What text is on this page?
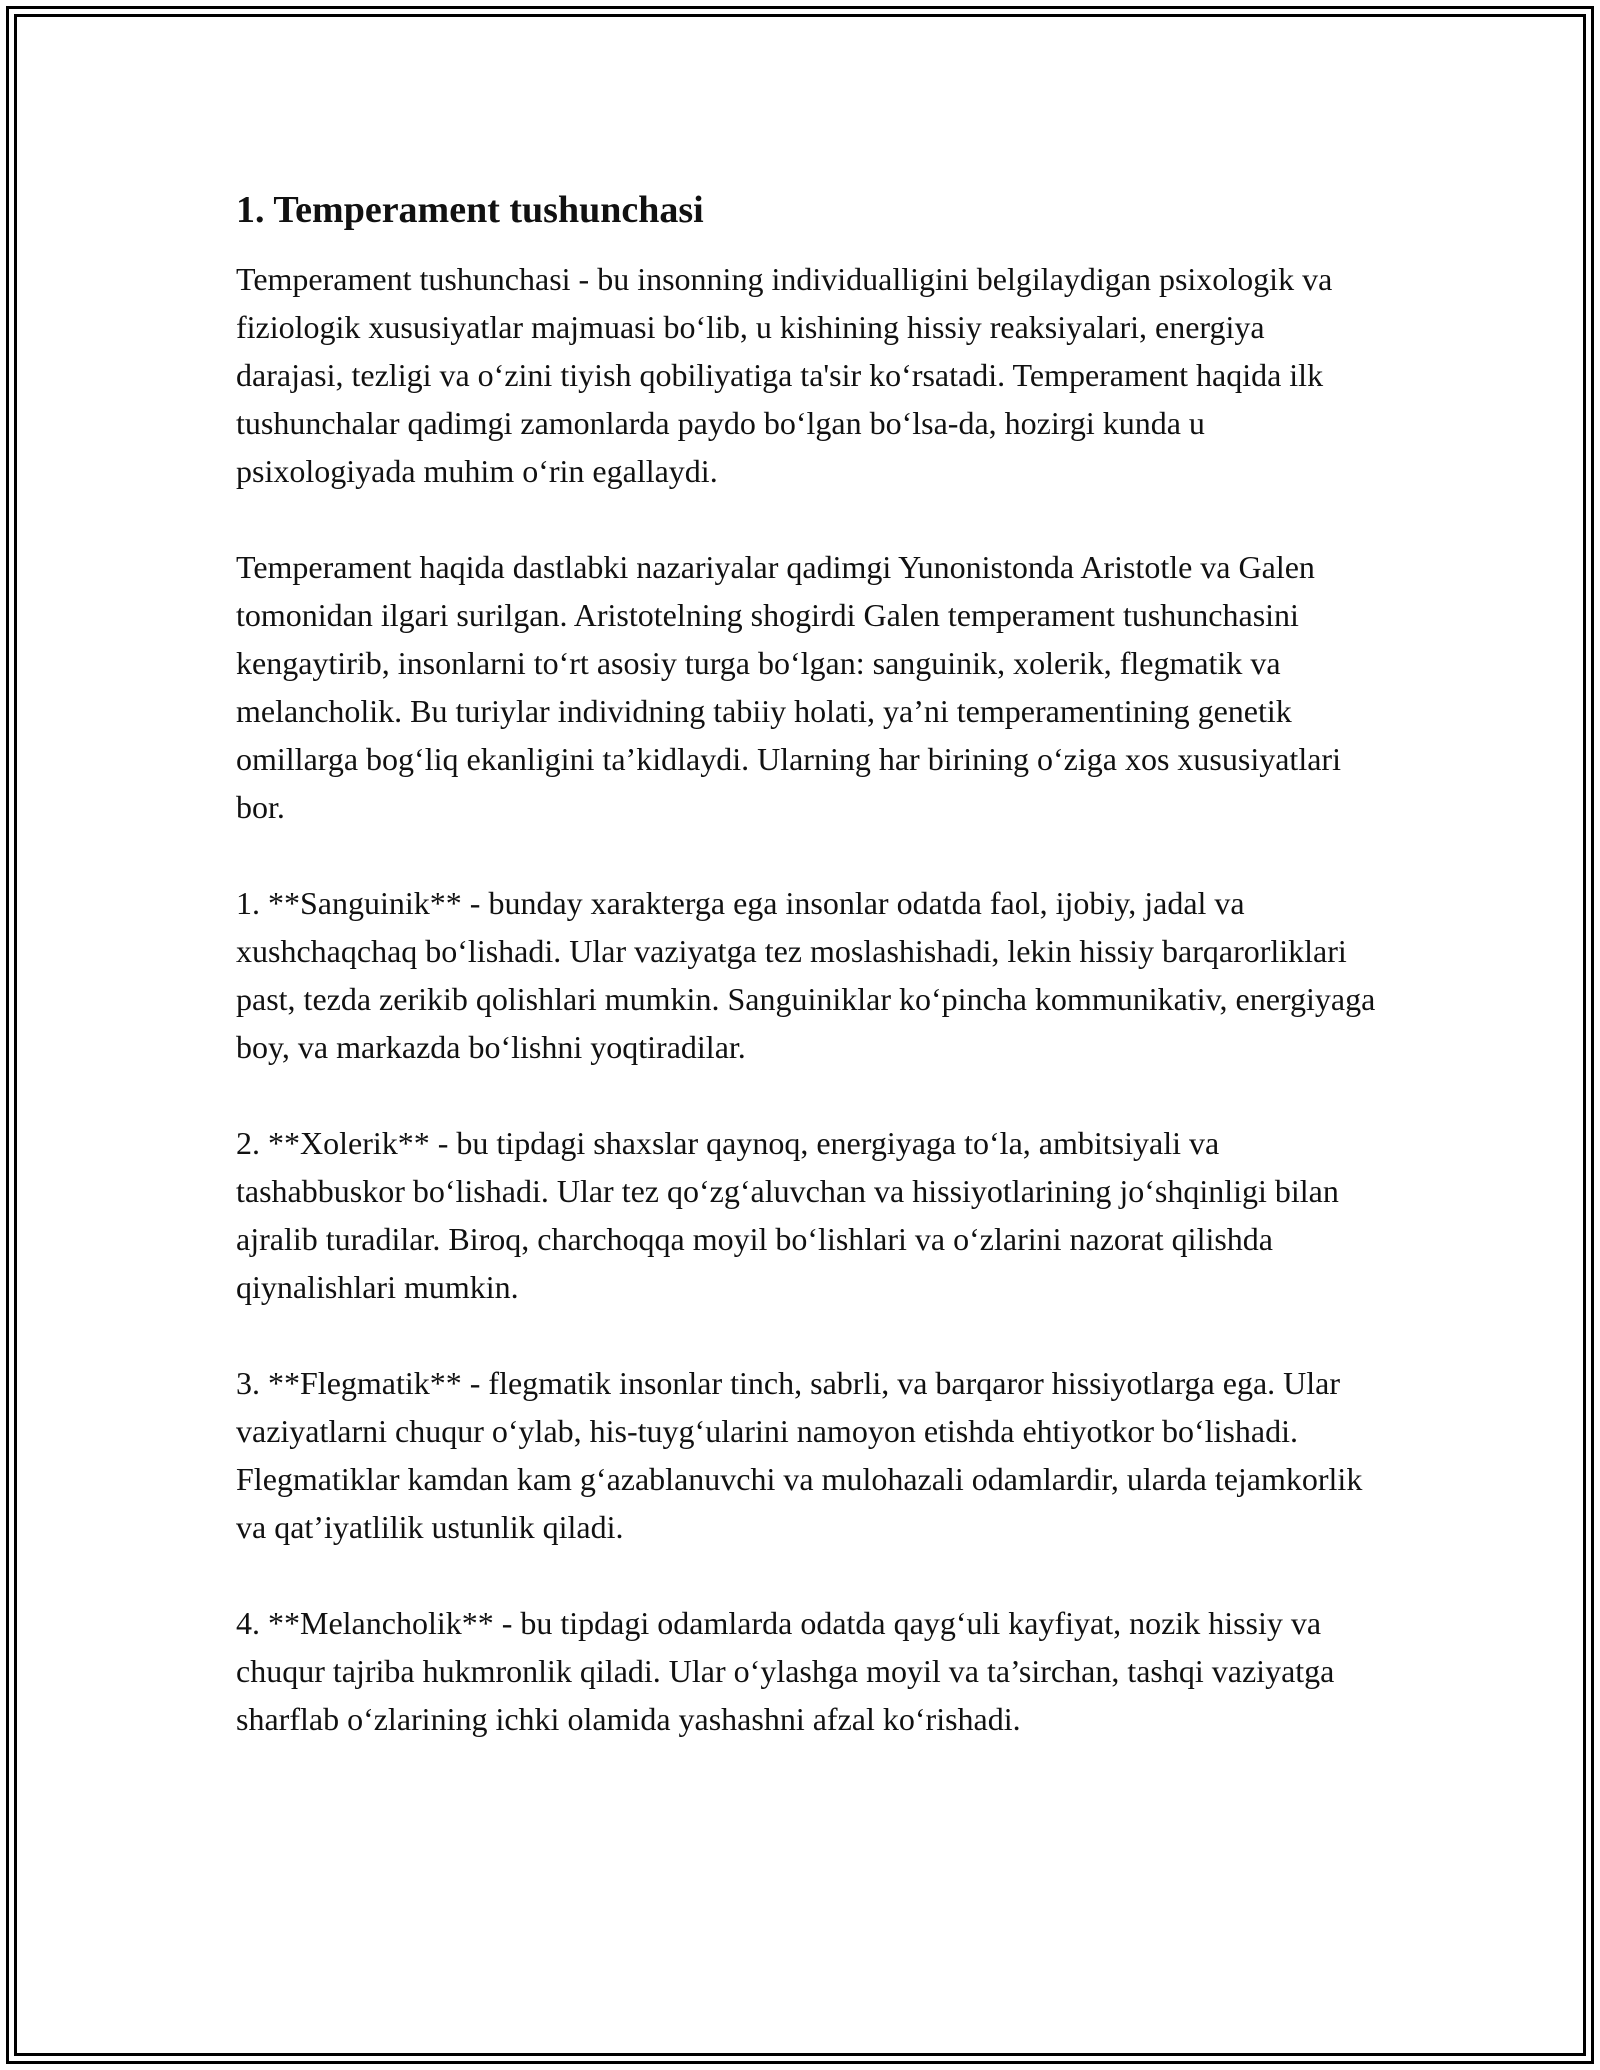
1. Temperament tushunchasi

Temperament tushunchasi - bu insonning individualligini belgilaydigan psixologik va fiziologik xususiyatlar majmuasi bo‘lib, u kishining hissiy reaksiyalari, energiya darajasi, tezligi va o‘zini tiyish qobiliyatiga ta'sir ko‘rsatadi. Temperament haqida ilk tushunchalar qadimgi zamonlarda paydo bo‘lgan bo‘lsa-da, hozirgi kunda u psixologiyada muhim o‘rin egallaydi.

Temperament haqida dastlabki nazariyalar qadimgi Yunonistonda Aristotle va Galen tomonidan ilgari surilgan. Aristotelning shogirdi Galen temperament tushunchasini kengaytirib, insonlarni to‘rt asosiy turga bo‘lgan: sanguinik, xolerik, flegmatik va melancholik. Bu turiylar individning tabiiy holati, ya’ni temperamentining genetik omillarga bog‘liq ekanligini ta’kidlaydi. Ularning har birining o‘ziga xos xususiyatlari bor.

1. **Sanguinik** - bunday xarakterga ega insonlar odatda faol, ijobiy, jadal va xushchaqchaq bo‘lishadi. Ular vaziyatga tez moslashishadi, lekin hissiy barqarorliklari past, tezda zerikib qolishlari mumkin. Sanguiniklar ko‘pincha kommunikativ, energiyaga boy, va markazda bo‘lishni yoqtiradilar.

2. **Xolerik** - bu tipdagi shaxslar qaynoq, energiyaga to‘la, ambitsiyali va tashabbuskor bo‘lishadi. Ular tez qo‘zg‘aluvchan va hissiyotlarining jo‘shqinligi bilan ajralib turadilar. Biroq, charchoqqa moyil bo‘lishlari va o‘zlarini nazorat qilishda qiynalishlari mumkin.

3. **Flegmatik** - flegmatik insonlar tinch, sabrli, va barqaror hissiyotlarga ega. Ular vaziyatlarni chuqur o‘ylab, his-tuyg‘ularini namoyon etishda ehtiyotkor bo‘lishadi. Flegmatiklar kamdan kam g‘azablanuvchi va mulohazali odamlardir, ularda tejamkorlik va qat’iyatlilik ustunlik qiladi.

4. **Melancholik** - bu tipdagi odamlarda odatda qayg‘uli kayfiyat, nozik hissiy va chuqur tajriba hukmronlik qiladi. Ular o‘ylashga moyil va ta’sirchan, tashqi vaziyatga sharflab o‘zlarining ichki olamida yashashni afzal ko‘rishadi.
